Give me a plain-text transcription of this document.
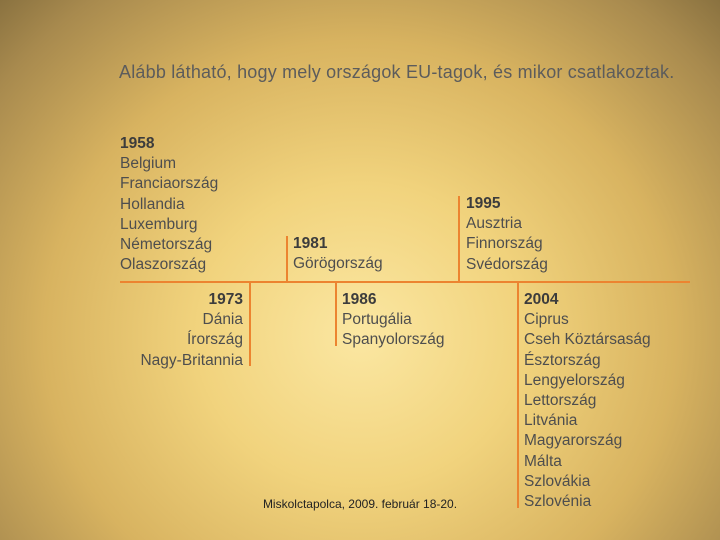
Alább látható, hogy mely országok EU-tagok, és mikor csatlakoztak.
1958
Belgium
Franciaország
Hollandia
Luxemburg
Németország
Olaszország
1981
Görögország
1995
Ausztria
Finnország
Svédország
1973
Dánia
Írország
Nagy-Britannia
1986
Portugália
Spanyolország
2004
Ciprus
Cseh Köztársaság
Észtország
Lengyelország
Lettország
Litvánia
Magyarország
Málta
Szlovákia
Szlovénia
Miskolctapolca, 2009. február 18-20.
